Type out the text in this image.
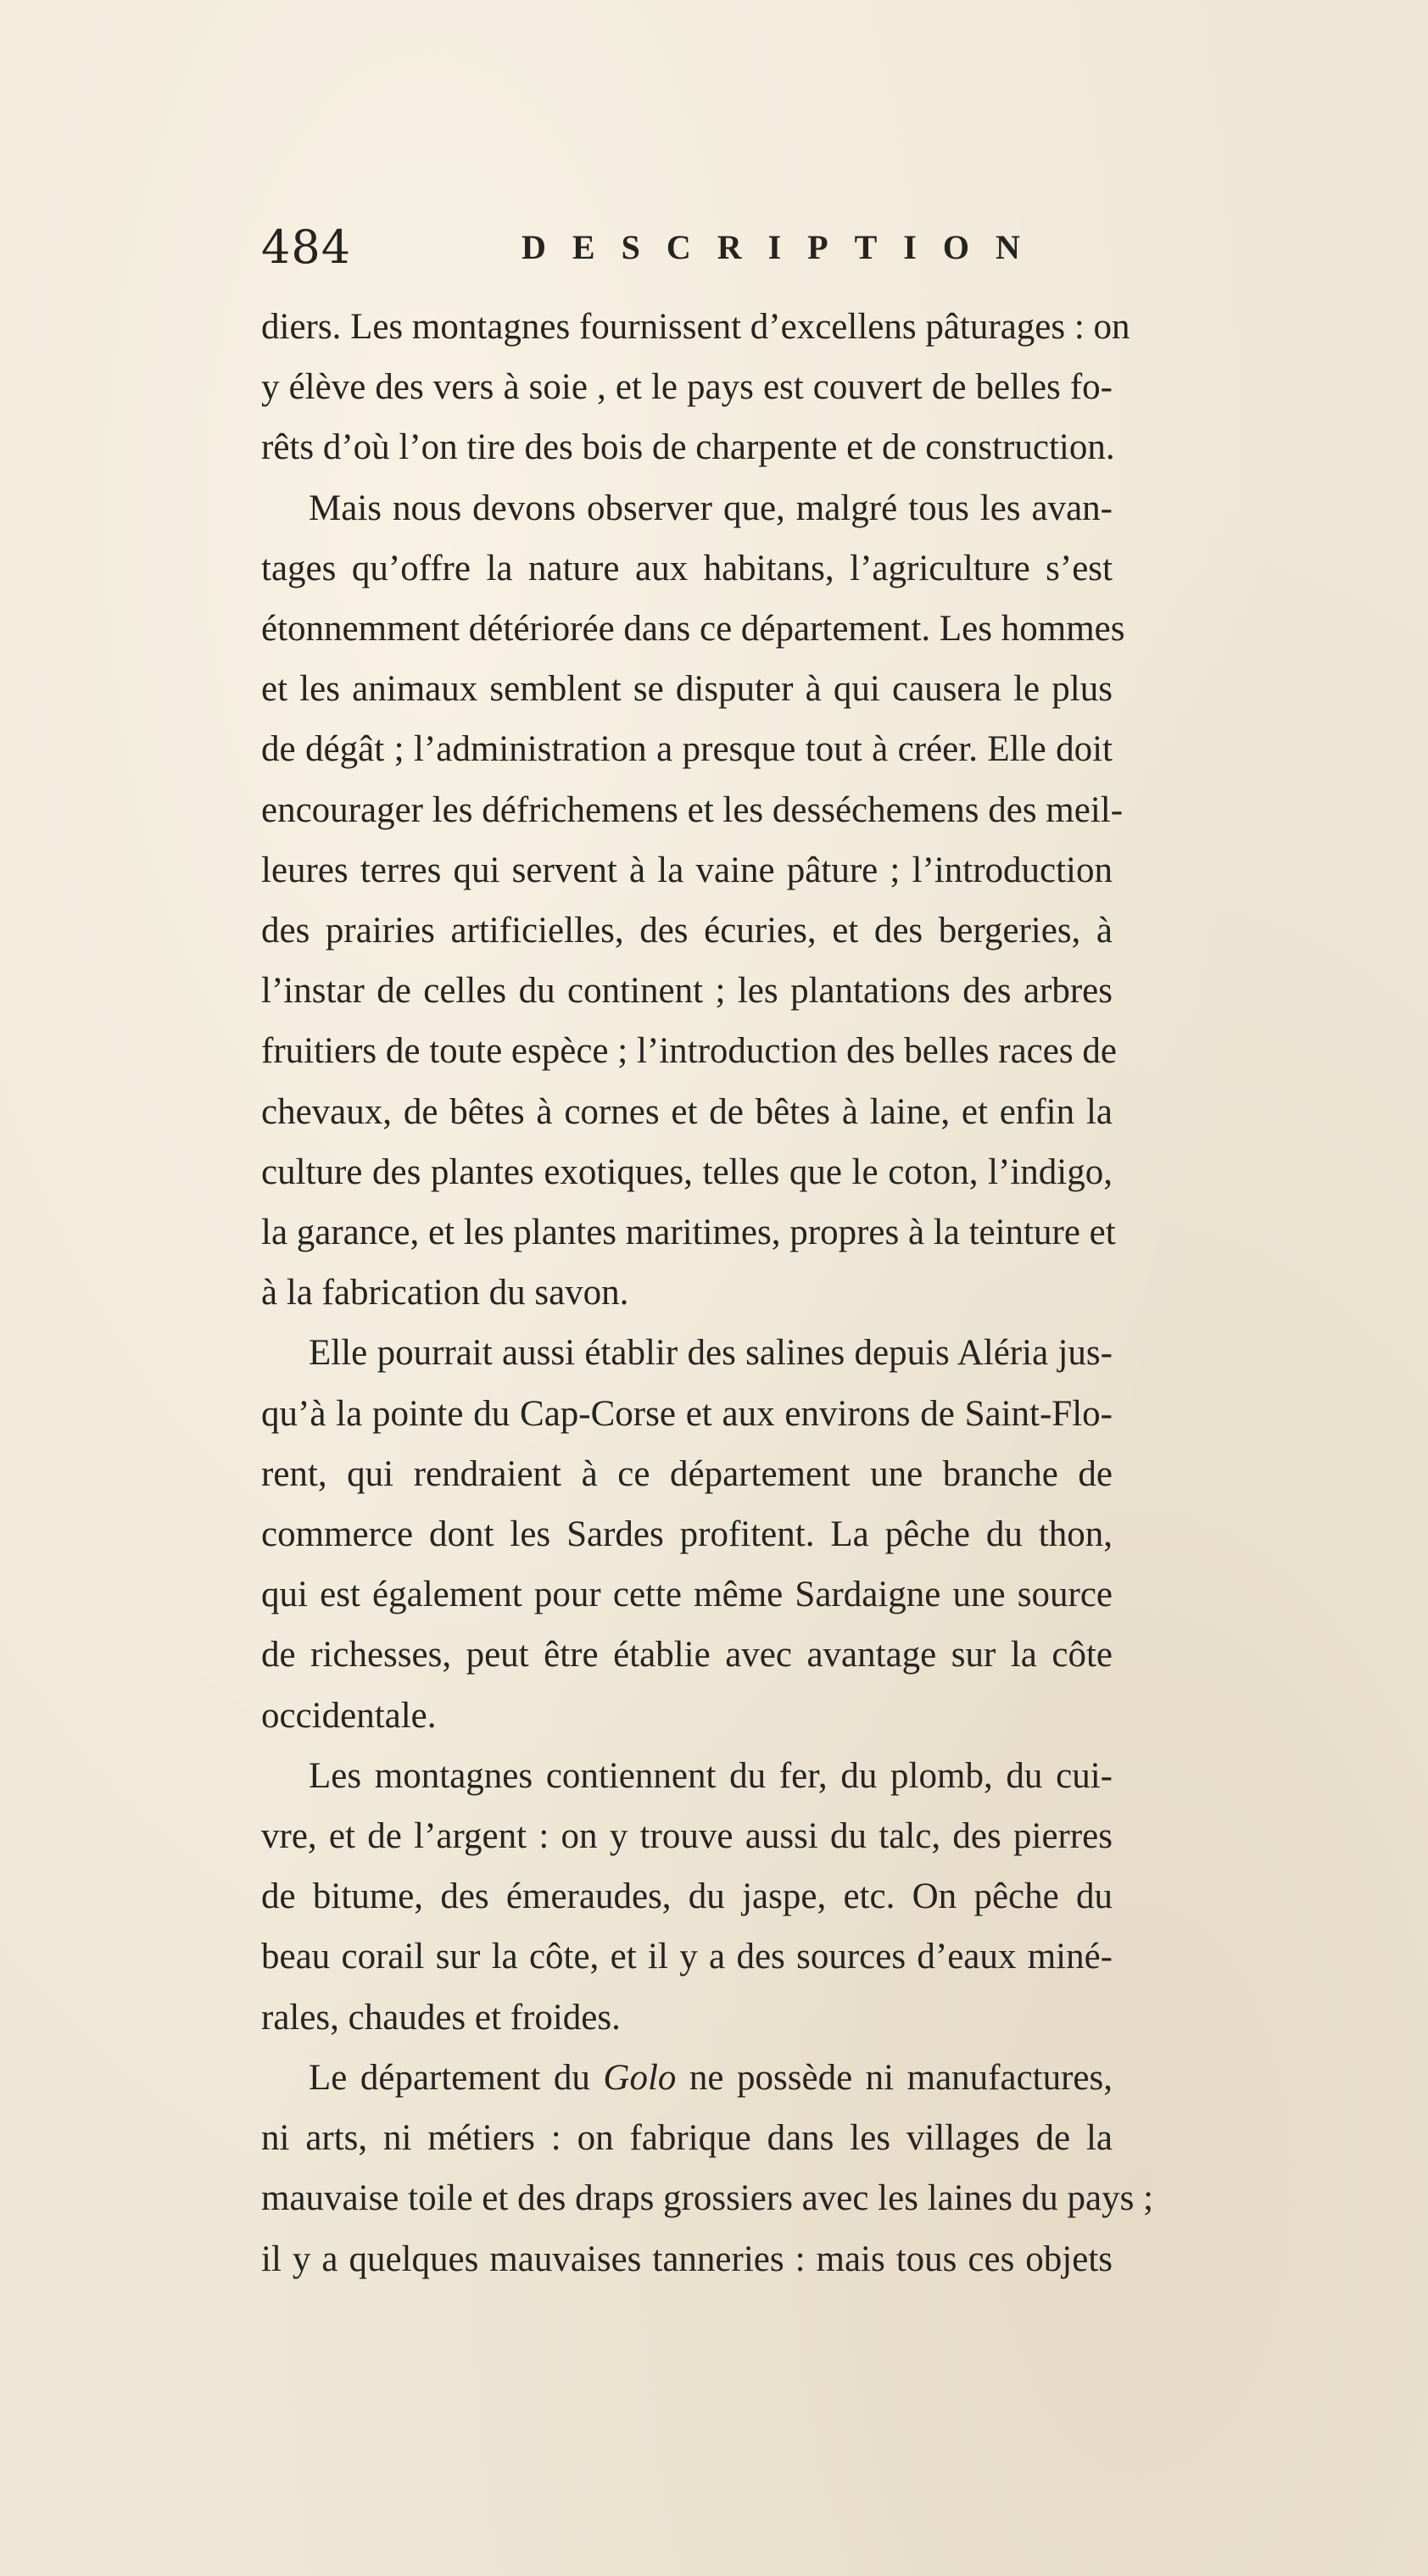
484	DESCRIPTION

diers. Les montagnes fournissent d’excellens pâturages : on
y élève des vers à soie , et le pays est couvert de belles fo-
rêts d’où l’on tire des bois de charpente et de construction.

Mais nous devons observer que, malgré tous les avan-
tages qu’offre la nature aux habitans, l’agriculture s’est
étonnemment détériorée dans ce département. Les hommes
et les animaux semblent se disputer à qui causera le plus
de dégât ; l’administration a presque tout à créer. Elle doit
encourager les défrichemens et les desséchemens des meil-
leures terres qui servent à la vaine pâture ; l’introduction
des prairies artificielles, des écuries, et des bergeries, à
l’instar de celles du continent ; les plantations des arbres
fruitiers de toute espèce ; l’introduction des belles races de
chevaux, de bêtes à cornes et de bêtes à laine, et enfin la
culture des plantes exotiques, telles que le coton, l’indigo,
la garance, et les plantes maritimes, propres à la teinture et
à la fabrication du savon.

Elle pourrait aussi établir des salines depuis Aléria jus-
qu’à la pointe du Cap-Corse et aux environs de Saint-Flo-
rent, qui rendraient à ce département une branche de
commerce dont les Sardes profitent. La pêche du thon,
qui est également pour cette même Sardaigne une source
de richesses, peut être établie avec avantage sur la côte
occidentale.

Les montagnes contiennent du fer, du plomb, du cui-
vre, et de l’argent : on y trouve aussi du talc, des pierres
de bitume, des émeraudes, du jaspe, etc. On pêche du
beau corail sur la côte, et il y a des sources d’eaux miné-
rales, chaudes et froides.

Le département du Golo ne possède ni manufactures,
ni arts, ni métiers : on fabrique dans les villages de la
mauvaise toile et des draps grossiers avec les laines du pays ;
il y a quelques mauvaises tanneries : mais tous ces objets
